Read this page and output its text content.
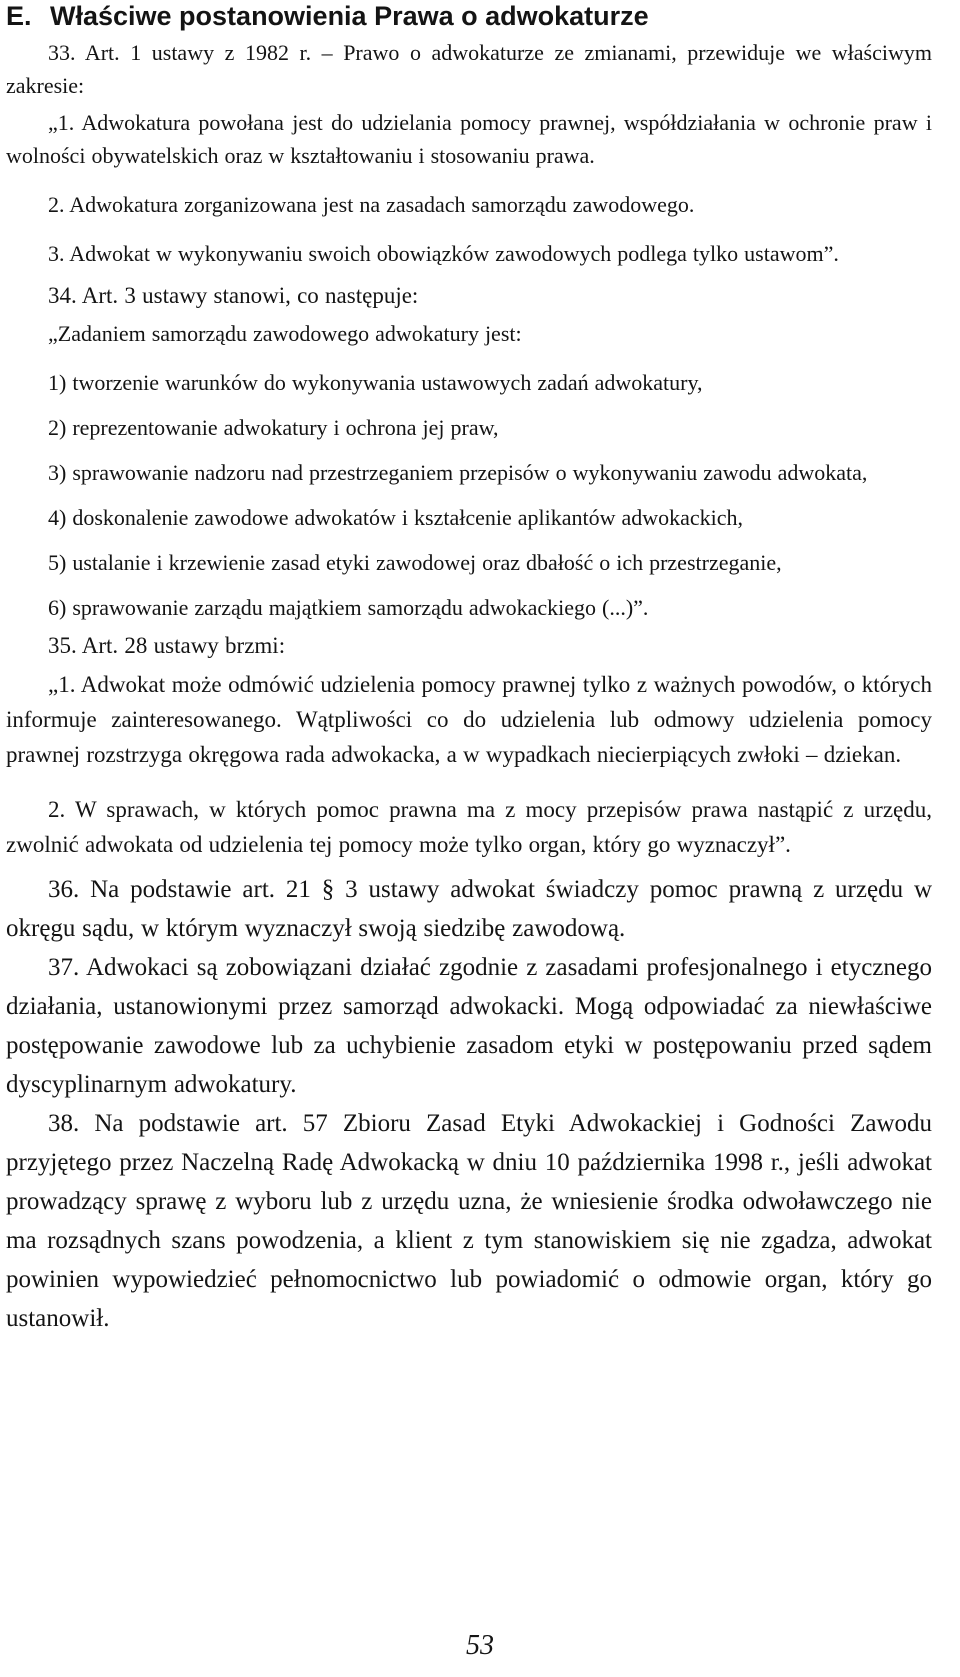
E. Właściwe postanowienia Prawa o adwokaturze

33. Art. 1 ustawy z 1982 r. – Prawo o adwokaturze ze zmianami, przewiduje we właściwym zakresie:

„1. Adwokatura powołana jest do udzielania pomocy prawnej, współdziałania w ochronie praw i wolności obywatelskich oraz w kształtowaniu i stosowaniu prawa.

2. Adwokatura zorganizowana jest na zasadach samorządu zawodowego.

3. Adwokat w wykonywaniu swoich obowiązków zawodowych podlega tylko ustawom”.

34. Art. 3 ustawy stanowi, co następuje:

„Zadaniem samorządu zawodowego adwokatury jest:

1) tworzenie warunków do wykonywania ustawowych zadań adwokatury,

2) reprezentowanie adwokatury i ochrona jej praw,

3) sprawowanie nadzoru nad przestrzeganiem przepisów o wykonywaniu zawodu adwokata,

4) doskonalenie zawodowe adwokatów i kształcenie aplikantów adwokackich,

5) ustalanie i krzewienie zasad etyki zawodowej oraz dbałość o ich przestrzeganie,

6) sprawowanie zarządu majątkiem samorządu adwokackiego (...)”.

35. Art. 28 ustawy brzmi:

„1. Adwokat może odmówić udzielenia pomocy prawnej tylko z ważnych powodów, o których informuje zainteresowanego. Wątpliwości co do udzielenia lub odmowy udzielenia pomocy prawnej rozstrzyga okręgowa rada adwokacka, a w wypadkach niecierpiących zwłoki – dziekan.

2. W sprawach, w których pomoc prawna ma z mocy przepisów prawa nastąpić z urzędu, zwolnić adwokata od udzielenia tej pomocy może tylko organ, który go wyznaczył”.

36. Na podstawie art. 21 § 3 ustawy adwokat świadczy pomoc prawną z urzędu w okręgu sądu, w którym wyznaczył swoją siedzibę zawodową.

37. Adwokaci są zobowiązani działać zgodnie z zasadami profesjonalnego i etycznego działania, ustanowionymi przez samorząd adwokacki. Mogą odpowiadać za niewłaściwe postępowanie zawodowe lub za uchybienie zasadom etyki w postępowaniu przed sądem dyscyplinarnym adwokatury.

38. Na podstawie art. 57 Zbioru Zasad Etyki Adwokackiej i Godności Zawodu przyjętego przez Naczelną Radę Adwokacką w dniu 10 października 1998 r., jeśli adwokat prowadzący sprawę z wyboru lub z urzędu uzna, że wniesienie środka odwoławczego nie ma rozsądnych szans powodzenia, a klient z tym stanowiskiem się nie zgadza, adwokat powinien wypowiedzieć pełnomocnictwo lub powiadomić o odmowie organ, który go ustanowił.

53
